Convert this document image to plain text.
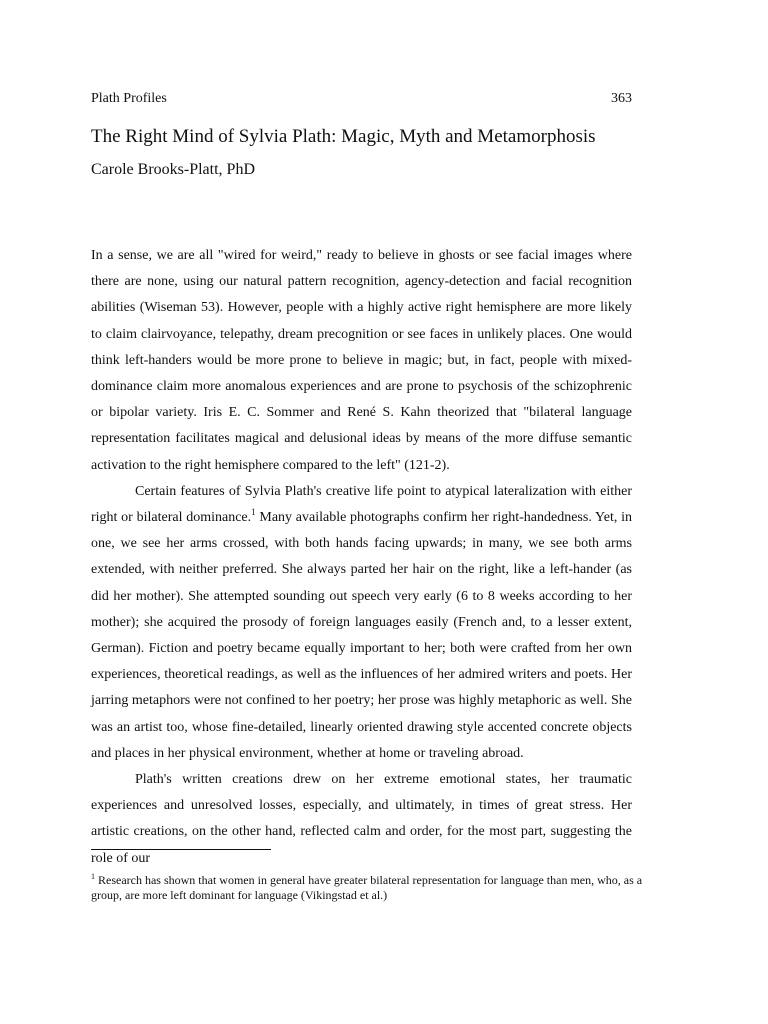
Plath Profiles	363
The Right Mind of Sylvia Plath: Magic, Myth and Metamorphosis
Carole Brooks-Platt, PhD

In a sense, we are all "wired for weird," ready to believe in ghosts or see facial images where there are none, using our natural pattern recognition, agency-detection and facial recognition abilities (Wiseman 53). However, people with a highly active right hemisphere are more likely to claim clairvoyance, telepathy, dream precognition or see faces in unlikely places. One would think left-handers would be more prone to believe in magic; but, in fact, people with mixed-dominance claim more anomalous experiences and are prone to psychosis of the schizophrenic or bipolar variety. Iris E. C. Sommer and René S. Kahn theorized that "bilateral language representation facilitates magical and delusional ideas by means of the more diffuse semantic activation to the right hemisphere compared to the left" (121-2).

Certain features of Sylvia Plath's creative life point to atypical lateralization with either right or bilateral dominance.$^1$ Many available photographs confirm her right-handedness. Yet, in one, we see her arms crossed, with both hands facing upwards; in many, we see both arms extended, with neither preferred. She always parted her hair on the right, like a left-hander (as did her mother). She attempted sounding out speech very early (6 to 8 weeks according to her mother); she acquired the prosody of foreign languages easily (French and, to a lesser extent, German). Fiction and poetry became equally important to her; both were crafted from her own experiences, theoretical readings, as well as the influences of her admired writers and poets. Her jarring metaphors were not confined to her poetry; her prose was highly metaphoric as well. She was an artist too, whose fine-detailed, linearly oriented drawing style accented concrete objects and places in her physical environment, whether at home or traveling abroad.

Plath's written creations drew on her extreme emotional states, her traumatic experiences and unresolved losses, especially, and ultimately, in times of great stress. Her artistic creations, on the other hand, reflected calm and order, for the most part, suggesting the role of our

$^1$ Research has shown that women in general have greater bilateral representation for language than men, who, as a group, are more left dominant for language (Vikingstad et al.)
